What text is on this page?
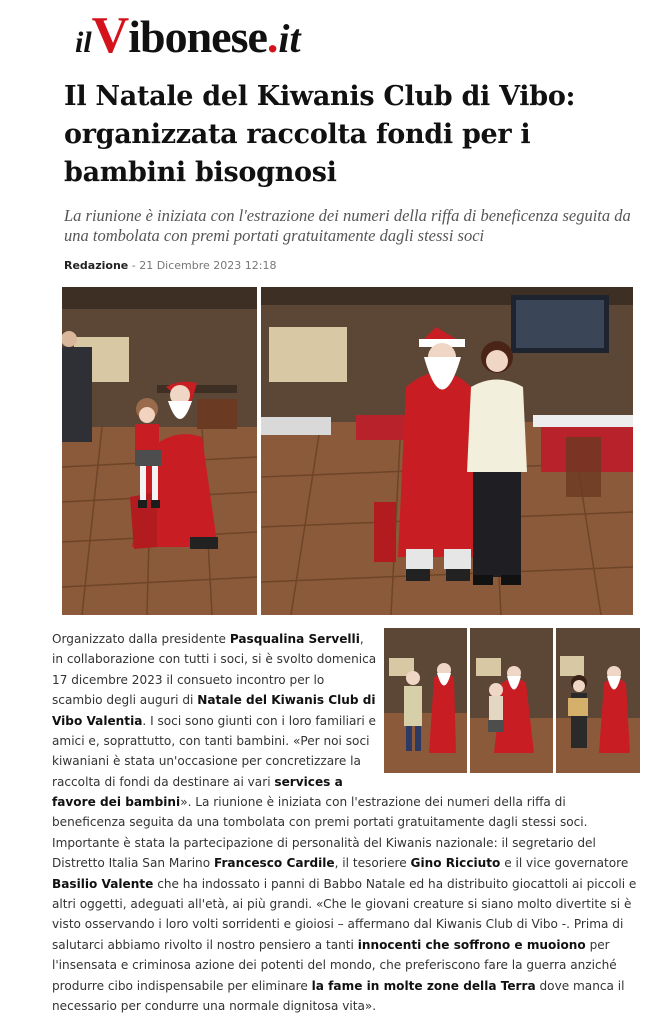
ilVibonese.it
Il Natale del Kiwanis Club di Vibo: organizzata raccolta fondi per i bambini bisognosi
La riunione è iniziata con l'estrazione dei numeri della riffa di beneficenza seguita da una tombolata con premi portati gratuitamente dagli stessi soci
Redazione - 21 Dicembre 2023 12:18
Organizzato dalla presidente Pasqualina Servelli, in collaborazione con tutti i soci, si è svolto domenica 17 dicembre 2023 il consueto incontro per lo scambio degli auguri di Natale del Kiwanis Club di Vibo Valentia. I soci sono giunti con i loro familiari e amici e, soprattutto, con tanti bambini. «Per noi soci kiwaniani è stata un'occasione per concretizzare la raccolta di fondi da destinare ai vari services a
favore dei bambini». La riunione è iniziata con l'estrazione dei numeri della riffa di beneficenza seguita da una tombolata con premi portati gratuitamente dagli stessi soci. Importante è stata la partecipazione di personalità del Kiwanis nazionale: il segretario del Distretto Italia San Marino Francesco Cardile, il tesoriere Gino Ricciuto e il vice governatore Basilio Valente che ha indossato i panni di Babbo Natale ed ha distribuito giocattoli ai piccoli e altri oggetti, adeguati all'età, ai più grandi. «Che le giovani creature si siano molto divertite si è visto osservando i loro volti sorridenti e gioiosi – affermano dal Kiwanis Club di Vibo -. Prima di salutarci abbiamo rivolto il nostro pensiero a tanti innocenti che soffrono e muoiono per l'insensata e criminosa azione dei potenti del mondo, che preferiscono fare la guerra anziché produrre cibo indispensabile per eliminare la fame in molte zone della Terra dove manca il necessario per condurre una normale dignitosa vita».
